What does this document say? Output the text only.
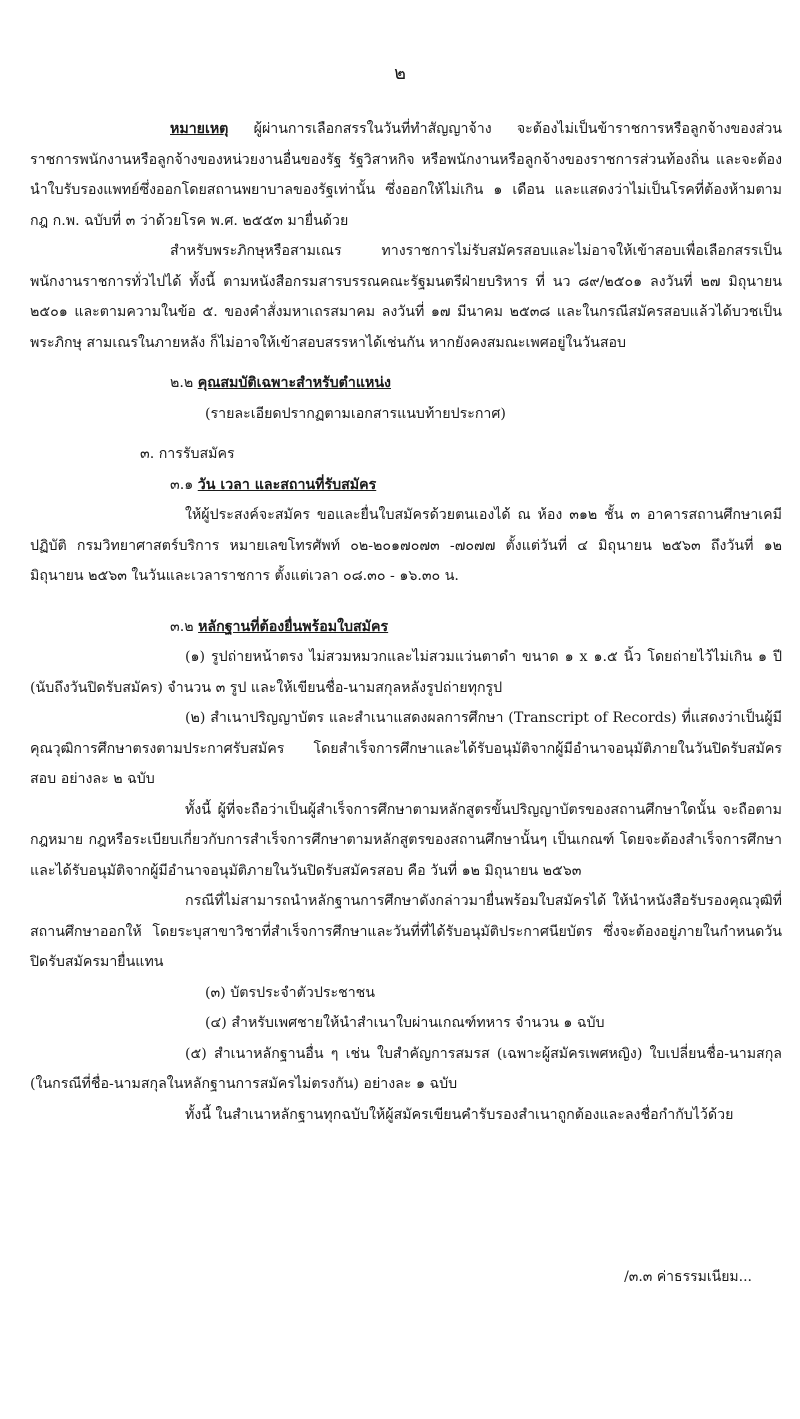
๒

หมายเหตุ ผู้ผ่านการเลือกสรรในวันที่ทำสัญญาจ้าง จะต้องไม่เป็นข้าราชการหรือลูกจ้างของส่วนราชการพนักงานหรือลูกจ้างของหน่วยงานอื่นของรัฐ รัฐวิสาหกิจ หรือพนักงานหรือลูกจ้างของราชการส่วนท้องถิ่น และจะต้องนำใบรับรองแพทย์ซึ่งออกโดยสถานพยาบาลของรัฐเท่านั้น ซึ่งออกให้ไม่เกิน ๑ เดือน และแสดงว่าไม่เป็นโรคที่ต้องห้ามตาม กฎ ก.พ. ฉบับที่ ๓ ว่าด้วยโรค พ.ศ. ๒๕๕๓ มายื่นด้วย

สำหรับพระภิกษุหรือสามเณร ทางราชการไม่รับสมัครสอบและไม่อาจให้เข้าสอบเพื่อเลือกสรรเป็นพนักงานราชการทั่วไปได้ ทั้งนี้ ตามหนังสือกรมสารบรรณคณะรัฐมนตรีฝ่ายบริหาร ที่ นว ๘๙/๒๕๐๑ ลงวันที่ ๒๗ มิถุนายน ๒๕๐๑ และตามความในข้อ ๕. ของคำสั่งมหาเถรสมาคม ลงวันที่ ๑๗ มีนาคม ๒๕๓๘ และในกรณีสมัครสอบแล้วได้บวชเป็นพระภิกษุ สามเณรในภายหลัง ก็ไม่อาจให้เข้าสอบสรรหาได้เช่นกัน หากยังคงสมณะเพศอยู่ในวันสอบ

๒.๒ คุณสมบัติเฉพาะสำหรับตำแหน่ง

(รายละเอียดปรากฏตามเอกสารแนบท้ายประกาศ)

๓. การรับสมัคร

๓.๑ วัน เวลา และสถานที่รับสมัคร

ให้ผู้ประสงค์จะสมัคร ขอและยื่นใบสมัครด้วยตนเองได้ ณ ห้อง ๓๑๒ ชั้น ๓ อาคารสถานศึกษาเคมีปฏิบัติ กรมวิทยาศาสตร์บริการ หมายเลขโทรศัพท์ ๐๒-๒๐๑๗๐๗๓ -๗๐๗๗ ตั้งแต่วันที่ ๔ มิถุนายน ๒๕๖๓ ถึงวันที่ ๑๒ มิถุนายน ๒๕๖๓ ในวันและเวลาราชการ ตั้งแต่เวลา ๐๘.๓๐ - ๑๖.๓๐ น.

๓.๒ หลักฐานที่ต้องยื่นพร้อมใบสมัคร

(๑) รูปถ่ายหน้าตรง ไม่สวมหมวกและไม่สวมแว่นตาดำ ขนาด ๑ x ๑.๕ นิ้ว โดยถ่ายไว้ไม่เกิน ๑ ปี (นับถึงวันปิดรับสมัคร) จำนวน ๓ รูป และให้เขียนชื่อ-นามสกุลหลังรูปถ่ายทุกรูป

(๒) สำเนาปริญญาบัตร และสำเนาแสดงผลการศึกษา (Transcript of Records) ที่แสดงว่าเป็นผู้มีคุณวุฒิการศึกษาตรงตามประกาศรับสมัคร โดยสำเร็จการศึกษาและได้รับอนุมัติจากผู้มีอำนาจอนุมัติภายในวันปิดรับสมัครสอบ อย่างละ ๒ ฉบับ

ทั้งนี้ ผู้ที่จะถือว่าเป็นผู้สำเร็จการศึกษาตามหลักสูตรขั้นปริญญาบัตรของสถานศึกษาใดนั้น จะถือตามกฎหมาย กฎหรือระเบียบเกี่ยวกับการสำเร็จการศึกษาตามหลักสูตรของสถานศึกษานั้นๆ เป็นเกณฑ์ โดยจะต้องสำเร็จการศึกษาและได้รับอนุมัติจากผู้มีอำนาจอนุมัติภายในวันปิดรับสมัครสอบ คือ วันที่ ๑๒ มิถุนายน ๒๕๖๓

กรณีที่ไม่สามารถนำหลักฐานการศึกษาดังกล่าวมายื่นพร้อมใบสมัครได้ ให้นำหนังสือรับรองคุณวุฒิที่สถานศึกษาออกให้ โดยระบุสาขาวิชาที่สำเร็จการศึกษาและวันที่ที่ได้รับอนุมัติประกาศนียบัตร ซึ่งจะต้องอยู่ภายในกำหนดวันปิดรับสมัครมายื่นแทน

(๓) บัตรประจำตัวประชาชน

(๔) สำหรับเพศชายให้นำสำเนาใบผ่านเกณฑ์ทหาร จำนวน ๑ ฉบับ

(๕) สำเนาหลักฐานอื่น ๆ เช่น ใบสำคัญการสมรส (เฉพาะผู้สมัครเพศหญิง) ใบเปลี่ยนชื่อ-นามสกุล (ในกรณีที่ชื่อ-นามสกุลในหลักฐานการสมัครไม่ตรงกัน) อย่างละ ๑ ฉบับ

ทั้งนี้ ในสำเนาหลักฐานทุกฉบับให้ผู้สมัครเขียนคำรับรองสำเนาถูกต้องและลงชื่อกำกับไว้ด้วย

/๓.๓ ค่าธรรมเนียม...
